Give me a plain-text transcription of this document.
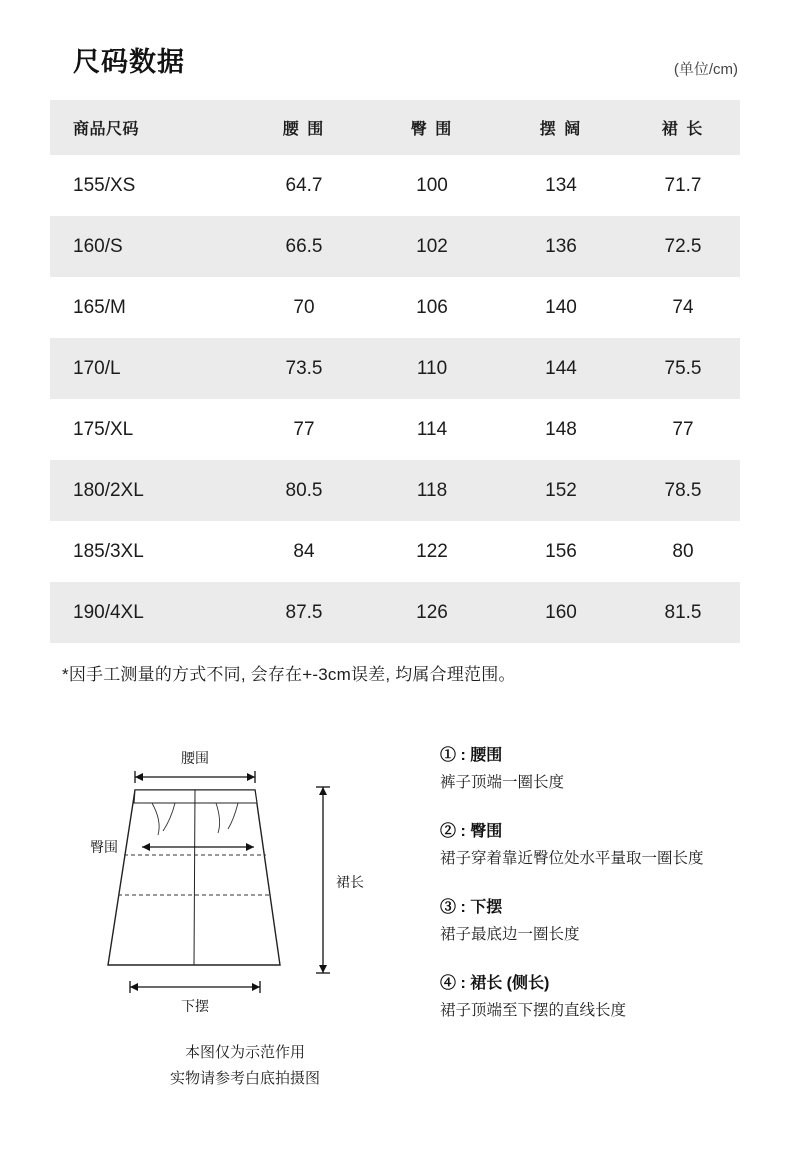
尺码数据	(单位/cm)
商品尺码	腰 围	臀 围	摆 阔	裙 长
155/XS	64.7	100	134	71.7
160/S	66.5	102	136	72.5
165/M	70	106	140	74
170/L	73.5	110	144	75.5
175/XL	77	114	148	77
180/2XL	80.5	118	152	78.5
185/3XL	84	122	156	80
190/4XL	87.5	126	160	81.5
*因手工测量的方式不同, 会存在+-3cm误差, 均属合理范围。
腰围
臀围
裙长
下摆
本图仅为示范作用
实物请参考白底拍摄图
① : 腰围
裤子顶端一圈长度
② : 臀围
裙子穿着靠近臀位处水平量取一圈长度
③ : 下摆
裙子最底边一圈长度
④ : 裙长 (侧长)
裙子顶端至下摆的直线长度
